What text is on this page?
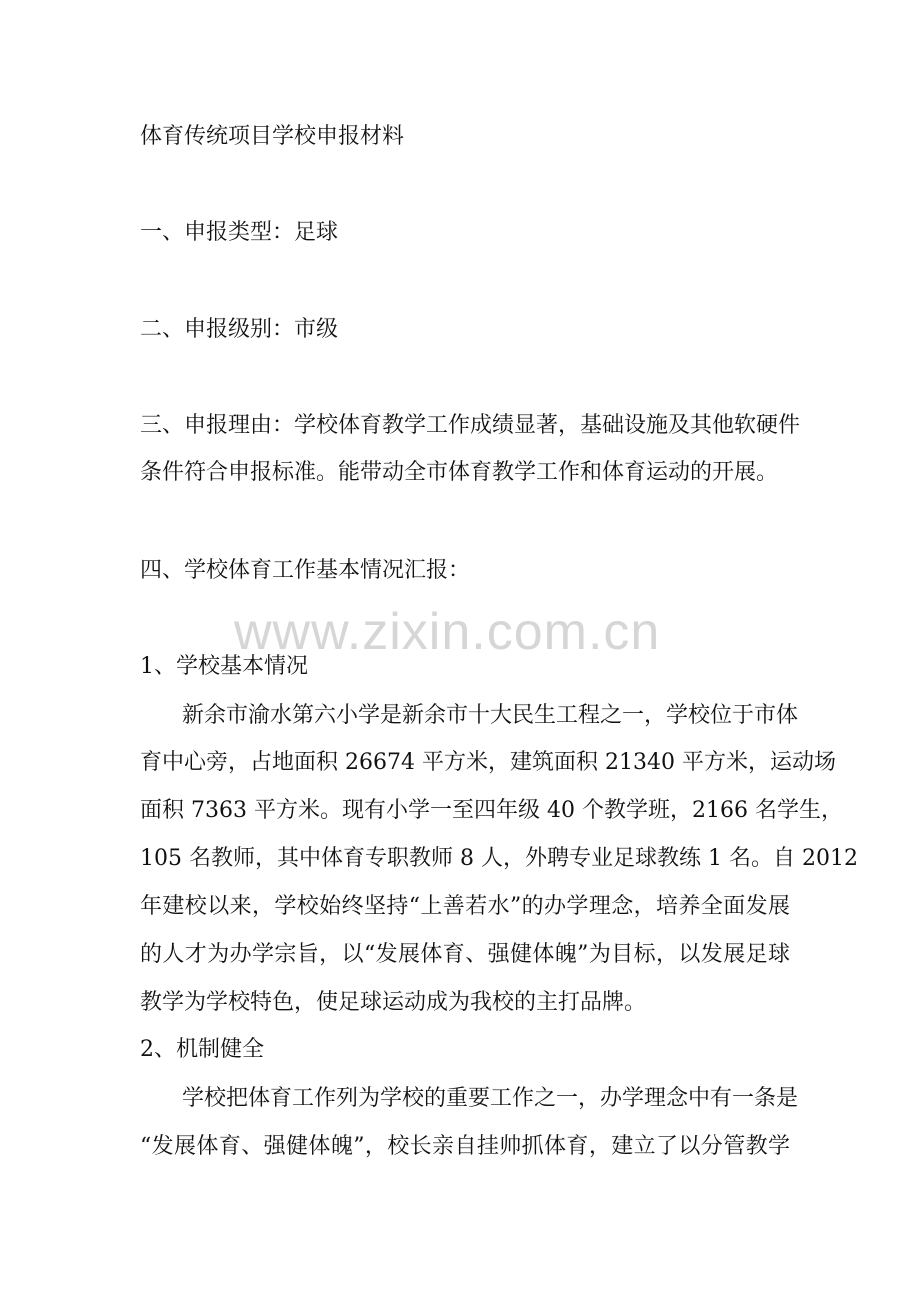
体育传统项目学校申报材料
一、申报类型：足球
二、申报级别：市级
三、申报理由：学校体育教学工作成绩显著，基础设施及其他软硬件
条件符合申报标准。能带动全市体育教学工作和体育运动的开展。
四、学校体育工作基本情况汇报：
www.zixin.com.cn
1、学校基本情况
新余市渝水第六小学是新余市十大民生工程之一，学校位于市体
育中心旁，占地面积 26674 平方米，建筑面积 21340 平方米，运动场
面积 7363 平方米。现有小学一至四年级 40 个教学班，2166 名学生，
105 名教师，其中体育专职教师 8 人，外聘专业足球教练 1 名。自 2012
年建校以来，学校始终坚持“上善若水”的办学理念，培养全面发展
的人才为办学宗旨，以“发展体育、强健体魄”为目标，以发展足球
教学为学校特色，使足球运动成为我校的主打品牌。
2、机制健全
学校把体育工作列为学校的重要工作之一，办学理念中有一条是
“发展体育、强健体魄”，校长亲自挂帅抓体育，建立了以分管教学
